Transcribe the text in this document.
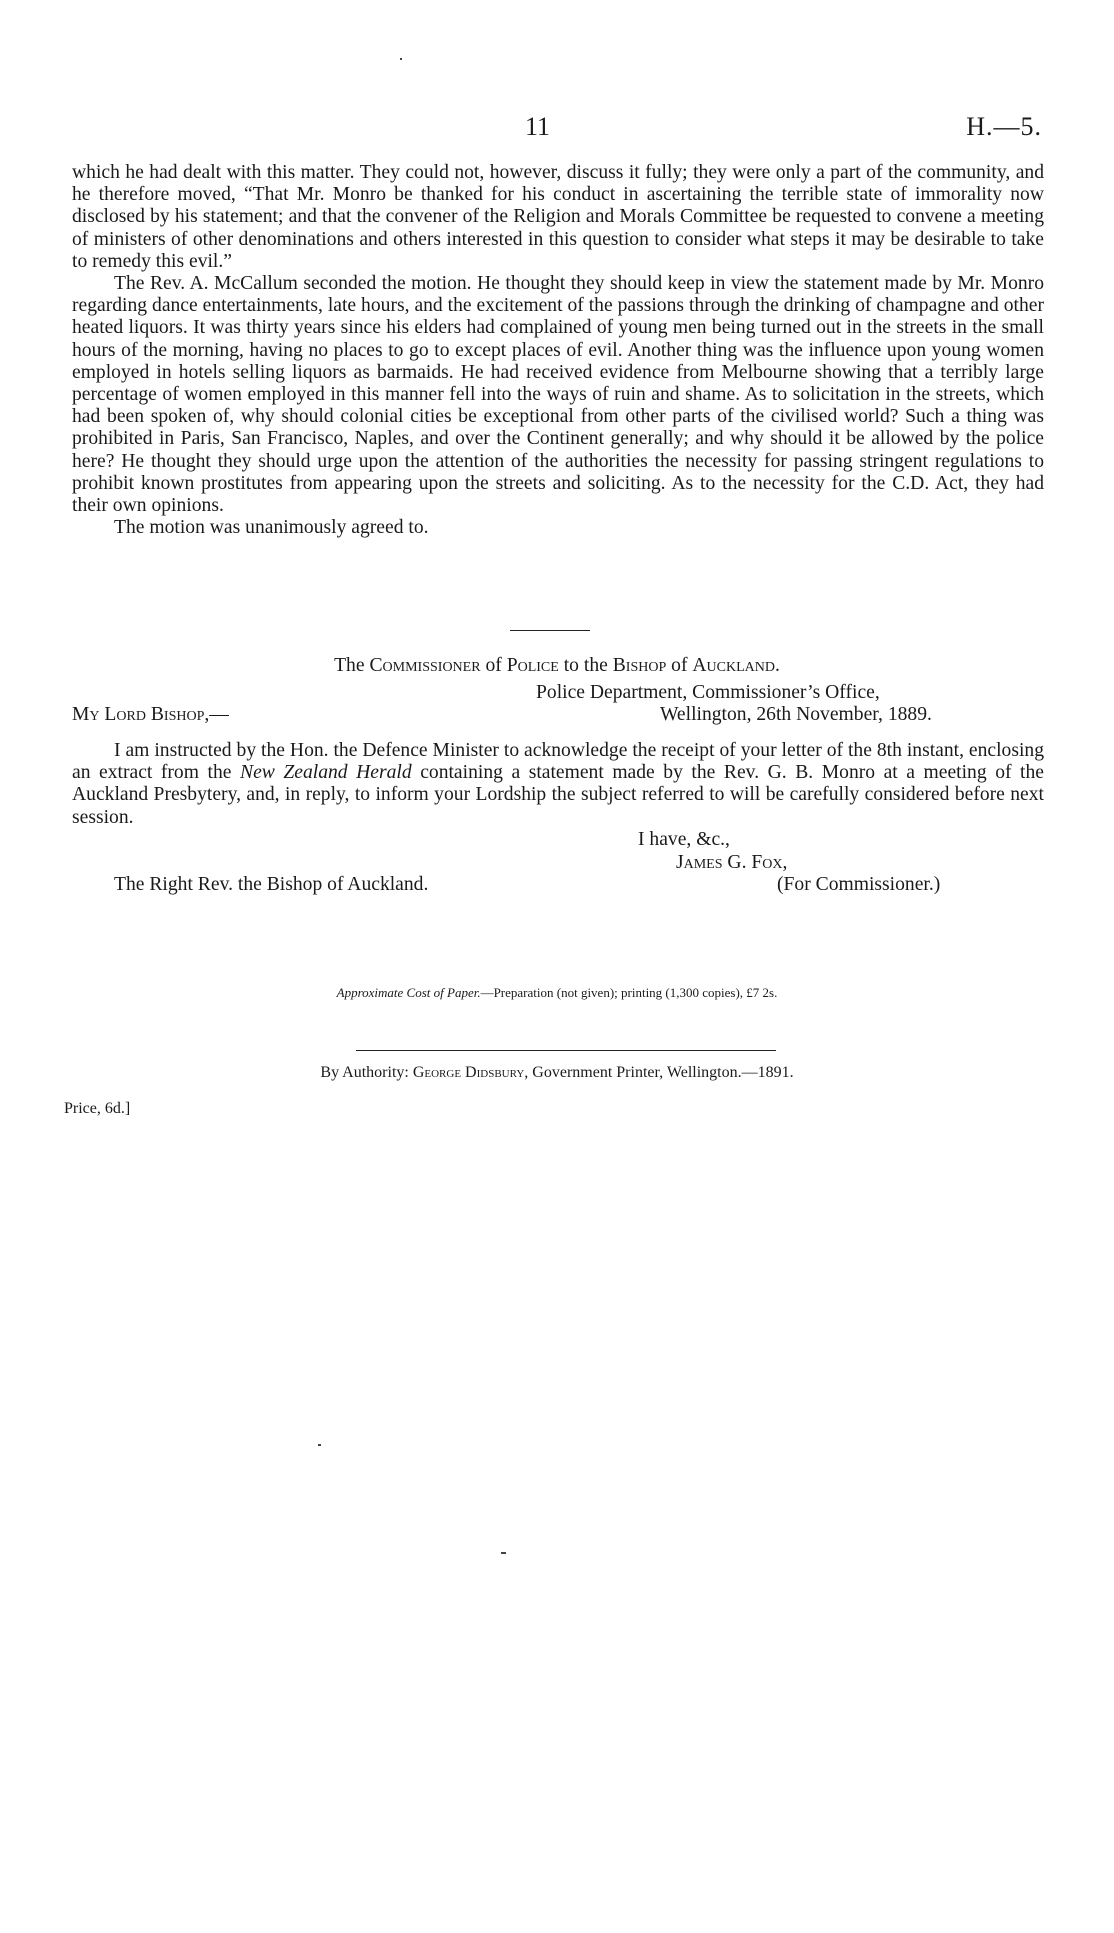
11	H.—5.

which he had dealt with this matter. They could not, however, discuss it fully; they were only a part of the community, and he therefore moved, “That Mr. Monro be thanked for his conduct in ascertaining the terrible state of immorality now disclosed by his statement; and that the convener of the Religion and Morals Committee be requested to convene a meeting of ministers of other denominations and others interested in this question to consider what steps it may be desirable to take to remedy this evil.”

The Rev. A. McCallum seconded the motion. He thought they should keep in view the statement made by Mr. Monro regarding dance entertainments, late hours, and the excitement of the passions through the drinking of champagne and other heated liquors. It was thirty years since his elders had complained of young men being turned out in the streets in the small hours of the morning, having no places to go to except places of evil. Another thing was the influence upon young women employed in hotels selling liquors as barmaids. He had received evidence from Melbourne showing that a terribly large percentage of women employed in this manner fell into the ways of ruin and shame. As to solicitation in the streets, which had been spoken of, why should colonial cities be exceptional from other parts of the civilised world? Such a thing was prohibited in Paris, San Francisco, Naples, and over the Continent generally; and why should it be allowed by the police here? He thought they should urge upon the attention of the authorities the necessity for passing stringent regulations to prohibit known prostitutes from appearing upon the streets and soliciting. As to the necessity for the C.D. Act, they had their own opinions.

The motion was unanimously agreed to.

The Commissioner of Police to the Bishop of Auckland.
Police Department, Commissioner’s Office,
My Lord Bishop,—	Wellington, 26th November, 1889.

I am instructed by the Hon. the Defence Minister to acknowledge the receipt of your letter of the 8th instant, enclosing an extract from the New Zealand Herald containing a statement made by the Rev. G. B. Monro at a meeting of the Auckland Presbytery, and, in reply, to inform your Lordship the subject referred to will be carefully considered before next session.

I have, &c.,
James G. Fox,
The Right Rev. the Bishop of Auckland.	(For Commissioner.)
Approximate Cost of Paper.—Preparation (not given); printing (1,300 copies), £7 2s.
By Authority: George Didsbury, Government Printer, Wellington.—1891.
Price, 6d.]
